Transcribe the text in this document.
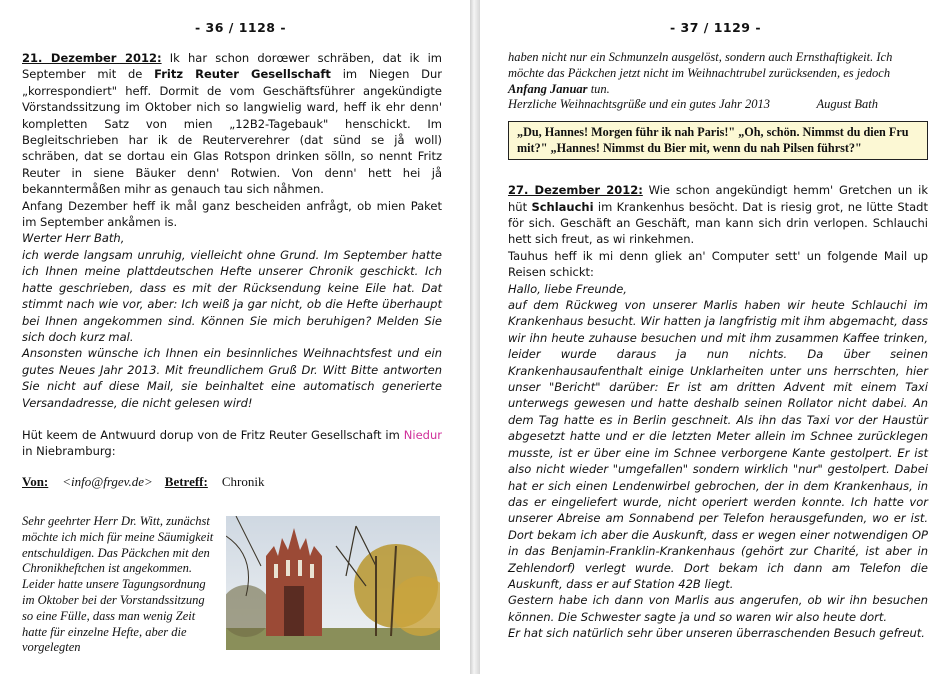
- 36 / 1128 -

21. Dezember 2012: Ik har schon dorœwer schräben, dat ik im September mit de Fritz Reuter Gesellschaft im Niegen Dur „korrespondiert" heff. Dormit de vom Geschäftsführer angekündigte Vörstandssitzung im Oktober nich so langwielig ward, heff ik ehr denn' kompletten Satz von mien „12B2-Tagebauk" henschickt. Im Begleitschrieben har ik de Reuterverehrer (dat sünd se jå woll) schräben, dat se dortau ein Glas Rotspon drinken sölln, so nennt Fritz Reuter in siene Bäuker denn' Rotwien. Von denn' hett hei jå bekanntermåßen mihr as genauch tau sich nåhmen.

Anfang Dezember heff ik mål ganz bescheiden anfrågt, ob mien Paket im September ankåmen is.

Werter Herr Bath,

ich werde langsam unruhig, vielleicht ohne Grund. Im September hatte ich Ihnen meine plattdeutschen Hefte unserer Chronik geschickt. Ich hatte geschrieben, dass es mit der Rücksendung keine Eile hat. Dat stimmt nach wie vor, aber: Ich weiß ja gar nicht, ob die Hefte überhaupt bei Ihnen angekommen sind. Können Sie mich beruhigen? Melden Sie sich doch kurz mal.

Ansonsten wünsche ich Ihnen ein besinnliches Weihnachtsfest und ein gutes Neues Jahr 2013. Mit freundlichem Gruß Dr. Witt Bitte antworten Sie nicht auf diese Mail, sie beinhaltet eine automatisch generierte Versandadresse, die nicht gelesen wird!

Hüt keem de Antwuurd dorup von de Fritz Reuter Gesellschaft im Niedur in Niebramburg:

Von: <info@frgev.de> Betreff: Chronik
Sehr geehrter Herr Dr. Witt, zunächst möchte ich mich für meine Säumigkeit entschuldigen. Das Päckchen mit den Chronikheftchen ist angekommen. Leider hatte unsere Tagungsordnung im Oktober bei der Vorstandssitzung so eine Fülle, dass man wenig Zeit hatte für einzelne Hefte, aber die vorgelegten
- 37 / 1129 -

haben nicht nur ein Schmunzeln ausgelöst, sondern auch Ernsthaftigkeit. Ich möchte das Päckchen jetzt nicht im Weihnachtrubel zurücksenden, es jedoch Anfang Januar tun.

Herzliche Weihnachtsgrüße und ein gutes Jahr 2013	August Bath

„Du, Hannes! Morgen führ ik nah Paris!" „Oh, schön. Nimmst du dien Fru mit?" „Hannes! Nimmst du Bier mit, wenn du nah Pilsen führst?"

27. Dezember 2012: Wie schon angekündigt hemm' Gretchen un ik hüt Schlauchi im Krankenhus besöcht. Dat is riesig grot, ne lütte Stadt för sich. Geschäft an Geschäft, man kann sich drin verlopen. Schlauchi hett sich freut, as wi rinkehmen.

Tauhus heff ik mi denn gliek an' Computer sett' un folgende Mail up Reisen schickt:

Hallo, liebe Freunde,

auf dem Rückweg von unserer Marlis haben wir heute Schlauchi im Krankenhaus besucht. Wir hatten ja langfristig mit ihm abgemacht, dass wir ihn heute zuhause besuchen und mit ihm zusammen Kaffee trinken, leider wurde daraus ja nun nichts. Da über seinen Krankenhausaufenthalt einige Unklarheiten unter uns herrschten, hier unser "Bericht" darüber: Er ist am dritten Advent mit einem Taxi unterwegs gewesen und hatte deshalb seinen Rollator nicht dabei. An dem Tag hatte es in Berlin geschneit. Als ihn das Taxi vor der Haustür abgesetzt hatte und er die letzten Meter allein im Schnee zurücklegen musste, ist er über eine im Schnee verborgene Kante gestolpert. Er ist also nicht wieder "umgefallen" sondern wirklich "nur" gestolpert. Dabei hat er sich einen Lendenwirbel gebrochen, der in dem Krankenhaus, in das er eingeliefert wurde, nicht operiert werden konnte. Ich hatte vor unserer Abreise am Sonnabend per Telefon herausgefunden, wo er ist. Dort bekam ich aber die Auskunft, dass er wegen einer notwendigen OP in das Benjamin-Franklin-Krankenhaus (gehört zur Charité, ist aber in Zehlendorf) verlegt wurde. Dort bekam ich dann am Telefon die Auskunft, dass er auf Station 42B liegt.

Gestern habe ich dann von Marlis aus angerufen, ob wir ihn besuchen können. Die Schwester sagte ja und so waren wir also heute dort.

Er hat sich natürlich sehr über unseren überraschenden Besuch gefreut.
